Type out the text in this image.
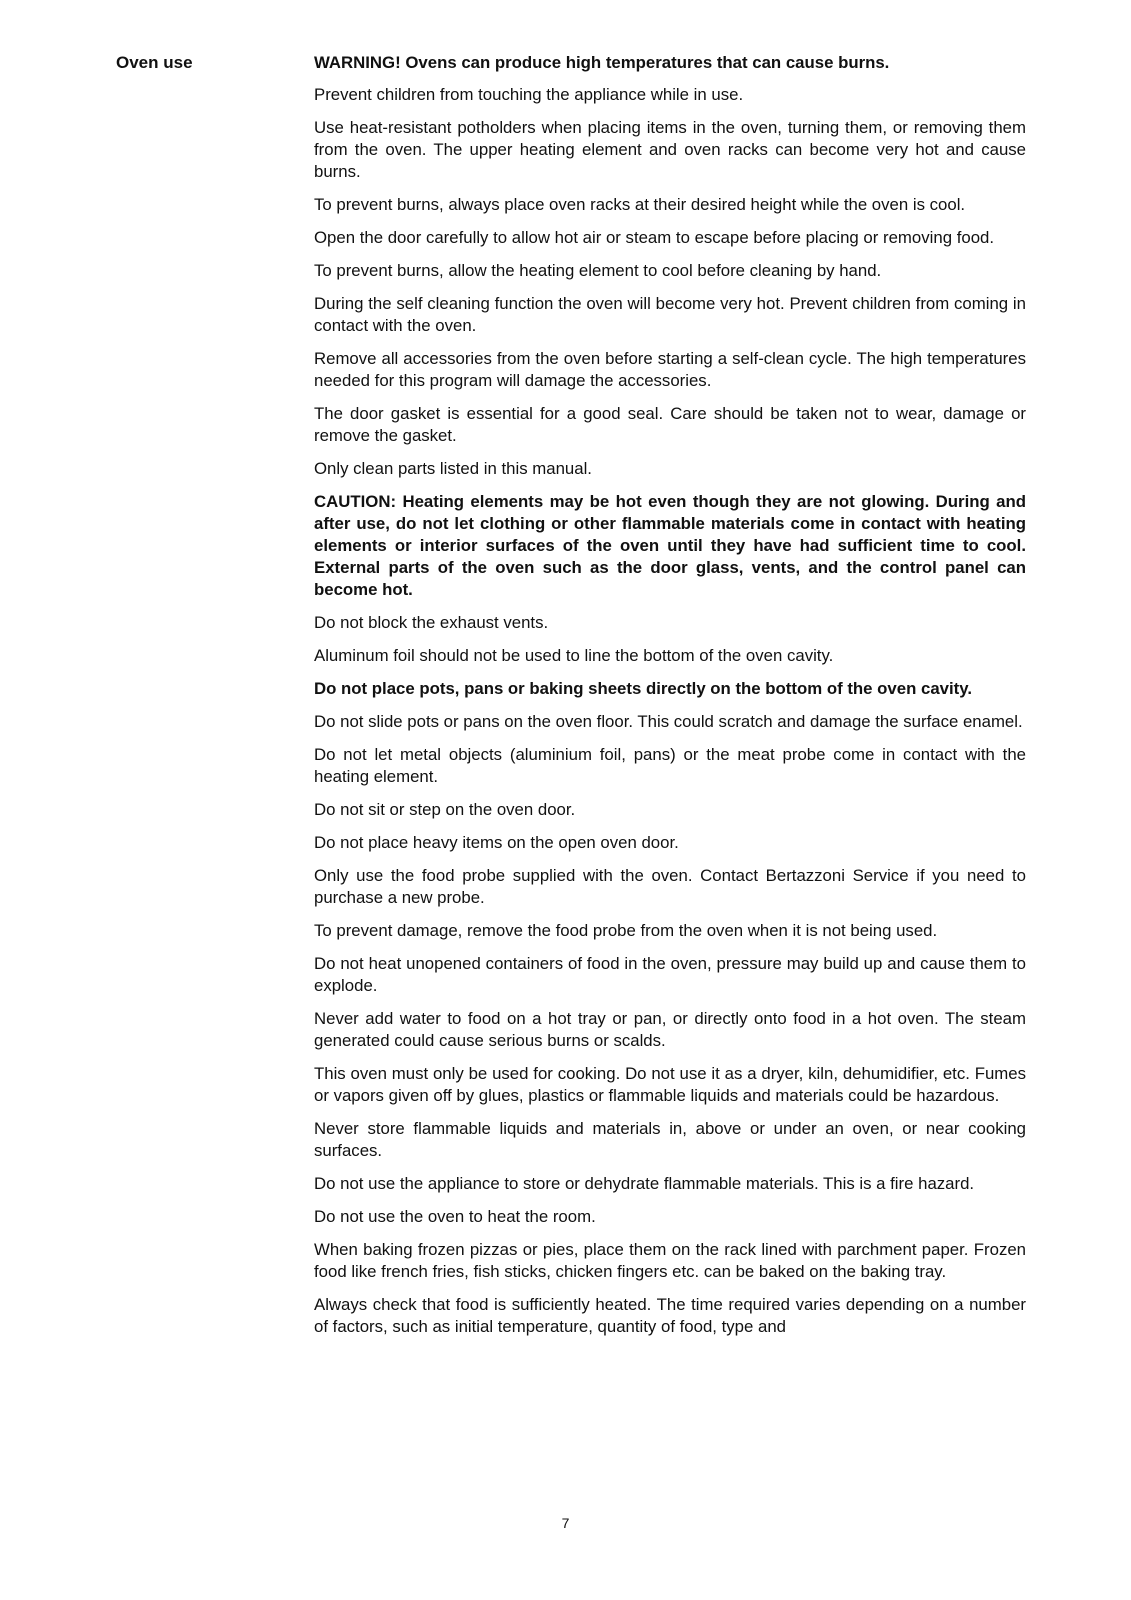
Oven use	WARNING! Ovens can produce high temperatures that can cause burns.

Prevent children from touching the appliance while in use.

Use heat-resistant potholders when placing items in the oven, turning them, or removing them from the oven. The upper heating element and oven racks can become very hot and cause burns.

To prevent burns, always place oven racks at their desired height while the oven is cool.

Open the door carefully to allow hot air or steam to escape before placing or removing food.

To prevent burns, allow the heating element to cool before cleaning by hand.

During the self cleaning function the oven will become very hot. Prevent children from coming in contact with the oven.

Remove all accessories from the oven before starting a self-clean cycle. The high temperatures needed for this program will damage the accessories.

The door gasket is essential for a good seal. Care should be taken not to wear, damage or remove the gasket.

Only clean parts listed in this manual.

CAUTION: Heating elements may be hot even though they are not glowing. During and after use, do not let clothing or other flammable materials come in contact with heating elements or interior surfaces of the oven until they have had sufficient time to cool. External parts of the oven such as the door glass, vents, and the control panel can become hot.

Do not block the exhaust vents.

Aluminum foil should not be used to line the bottom of the oven cavity.

Do not place pots, pans or baking sheets directly on the bottom of the oven cavity.

Do not slide pots or pans on the oven floor. This could scratch and damage the surface enamel.

Do not let metal objects (aluminium foil, pans) or the meat probe come in contact with the heating element.

Do not sit or step on the oven door.

Do not place heavy items on the open oven door.

Only use the food probe supplied with the oven. Contact Bertazzoni Service if you need to purchase a new probe.

To prevent damage, remove the food probe from the oven when it is not being used.

Do not heat unopened containers of food in the oven, pressure may build up and cause them to explode.

Never add water to food on a hot tray or pan, or directly onto food in a hot oven. The steam generated could cause serious burns or scalds.

This oven must only be used for cooking. Do not use it as a dryer, kiln, dehumidifier, etc. Fumes or vapors given off by glues, plastics or flammable liquids and materials could be hazardous.

Never store flammable liquids and materials in, above or under an oven, or near cooking surfaces.

Do not use the appliance to store or dehydrate flammable materials. This is a fire hazard.

Do not use the oven to heat the room.

When baking frozen pizzas or pies, place them on the rack lined with parchment paper. Frozen food like french fries, fish sticks, chicken fingers etc. can be baked on the baking tray.

Always check that food is sufficiently heated. The time required varies depending on a number of factors, such as initial temperature, quantity of food, type and

7
